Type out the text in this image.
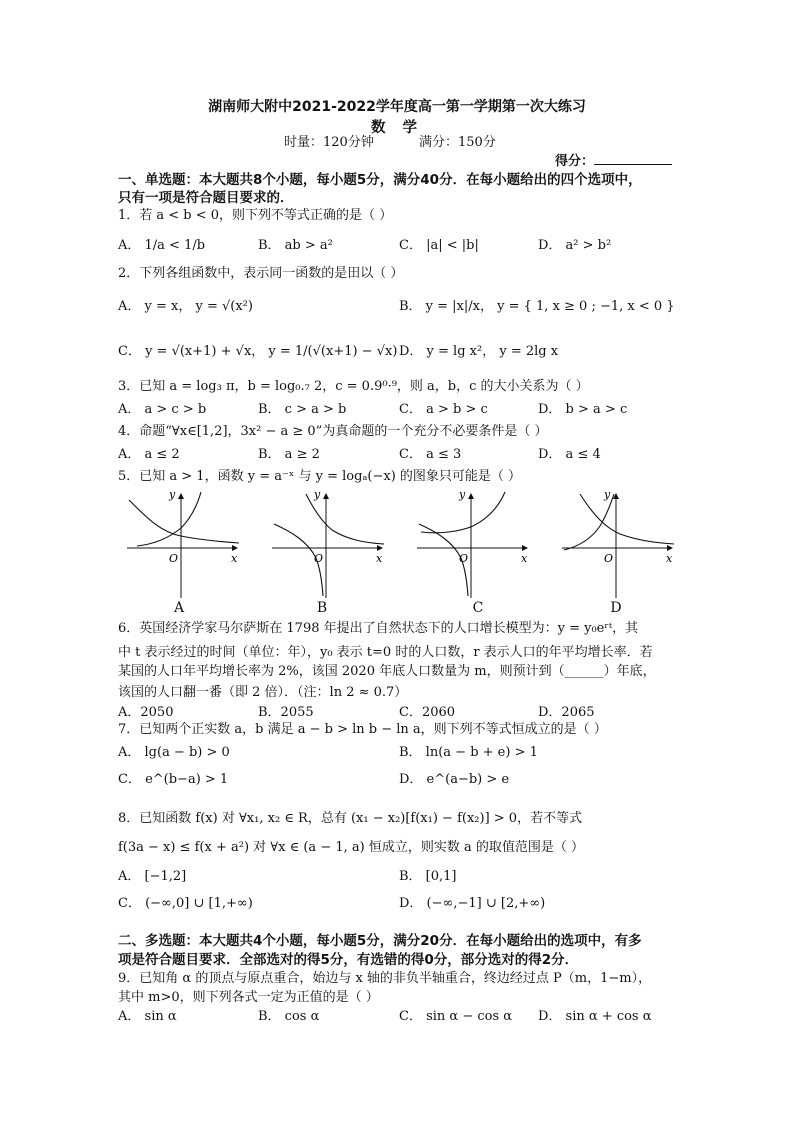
湖南师大附中2021-2022学年度高一第一学期第一次大练习
数 学
时量：120分钟	满分：150分
得分：
一、单选题：本大题共8个小题，每小题5分，满分40分．在每小题给出的四个选项中，
只有一项是符合题目要求的．
1．若 a < b < 0，则下列不等式正确的是（ ）
A． 1/a < 1/b	B． ab > a²	C． |a| < |b|	D． a² > b²
2．下列各组函数中，表示同一函数的是田以（ ）
A． y = x， y = √(x²)	B． y = |x|/x， y = { 1, x ≥ 0 ; −1, x < 0 }
C． y = √(x+1) + √x， y = 1/(√(x+1) − √x) D． y = lg x²， y = 2lg x
3．已知 a = log₃ π，b = log₀.₇ 2，c = 0.9⁰·⁹，则 a，b，c 的大小关系为（ ）
A． a > c > b	B． c > a > b	C． a > b > c	D． b > a > c
4．命题“∀x∈[1,2]，3x² − a ≥ 0”为真命题的一个充分不必要条件是（ ）
A． a ≤ 2	B． a ≥ 2	C． a ≤ 3	D． a ≤ 4
5．已知 a > 1，函数 y = a⁻ˣ 与 y = logₐ(−x) 的图象只可能是（ ）
y
x
O
A
y
x
O
B
y
x
O
C
y
x
O
D
6．英国经济学家马尔萨斯在 1798 年提出了自然状态下的人口增长模型为：y = y₀eʳᵗ，其
中 t 表示经过的时间（单位：年），y₀ 表示 t=0 时的人口数，r 表示人口的年平均增长率．若
某国的人口年平均增长率为 2%，该国 2020 年底人口数量为 m，则预计到（______）年底，
该国的人口翻一番（即 2 倍）．（注：ln 2 ≈ 0.7）
A．2050	B．2055	C．2060	D．2065
7．已知两个正实数 a，b 满足 a − b > ln b − ln a，则下列不等式恒成立的是（ ）
A． lg(a − b) > 0	B． ln(a − b + e) > 1
C． e^(b−a) > 1	D． e^(a−b) > e
8．已知函数 f(x) 对 ∀x₁, x₂ ∈ R，总有 (x₁ − x₂)[f(x₁) − f(x₂)] > 0，若不等式
f(3a − x) ≤ f(x + a²) 对 ∀x ∈ (a − 1, a) 恒成立，则实数 a 的取值范围是（ ）
A． [−1,2]	B． [0,1]
C． (−∞,0] ∪ [1,+∞)	D． (−∞,−1] ∪ [2,+∞)
二、多选题：本大题共4个小题，每小题5分，满分20分．在每小题给出的选项中，有多
项是符合题目要求．全部选对的得5分，有选错的得0分，部分选对的得2分．
9．已知角 α 的顶点与原点重合，始边与 x 轴的非负半轴重合，终边经过点 P（m，1−m），
其中 m>0，则下列各式一定为正值的是（ ）
A． sin α	B． cos α	C． sin α − cos α D． sin α + cos α
